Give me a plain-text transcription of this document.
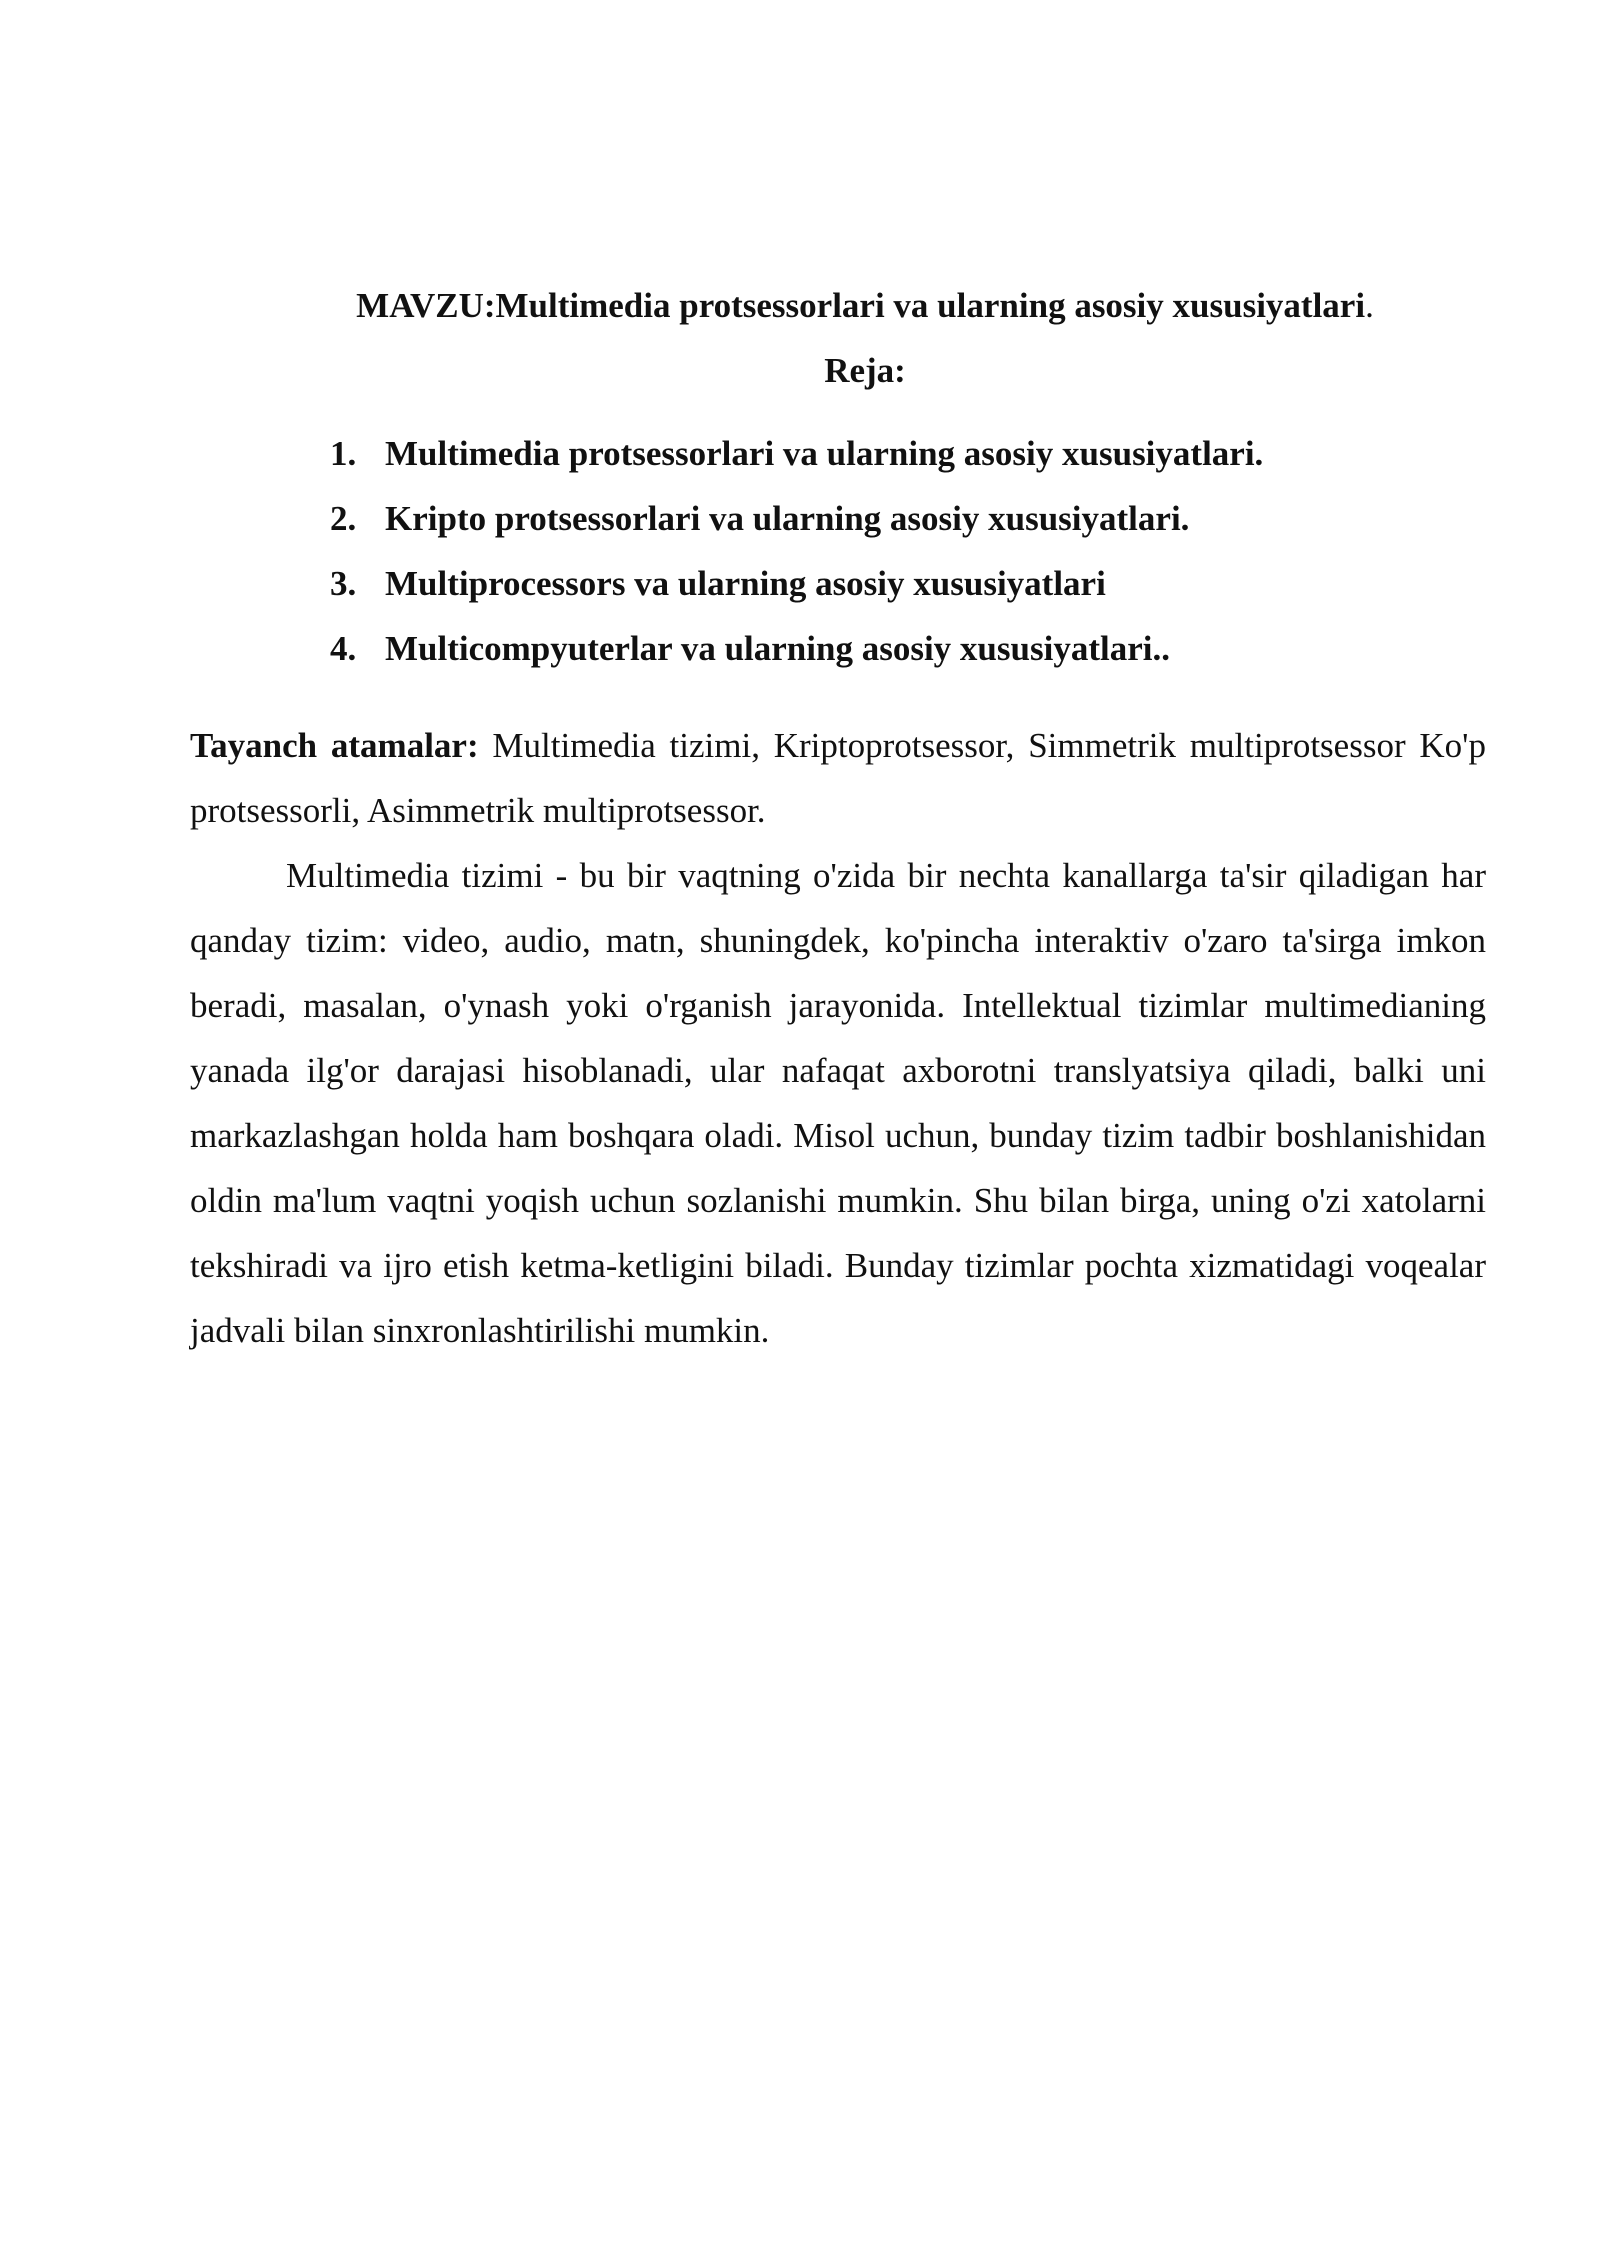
MAVZU:Multimedia protsessorlari va ularning asosiy xususiyatlari.
Reja:
1. Multimedia protsessorlari va ularning asosiy xususiyatlari.
2. Kripto protsessorlari va ularning asosiy xususiyatlari.
3. Multiprocessors va ularning asosiy xususiyatlari
4. Multicompyuterlar va ularning asosiy xususiyatlari..

Tayanch atamalar: Multimedia tizimi, Kriptoprotsessor, Simmetrik multiprotsessor Ko'p protsessorli, Asimmetrik multiprotsessor.

Multimedia tizimi - bu bir vaqtning o'zida bir nechta kanallarga ta'sir qiladigan har qanday tizim: video, audio, matn, shuningdek, ko'pincha interaktiv o'zaro ta'sirga imkon beradi, masalan, o'ynash yoki o'rganish jarayonida. Intellektual tizimlar multimedianing yanada ilg'or darajasi hisoblanadi, ular nafaqat axborotni translyatsiya qiladi, balki uni markazlashgan holda ham boshqara oladi. Misol uchun, bunday tizim tadbir boshlanishidan oldin ma'lum vaqtni yoqish uchun sozlanishi mumkin. Shu bilan birga, uning o'zi xatolarni tekshiradi va ijro etish ketma-ketligini biladi. Bunday tizimlar pochta xizmatidagi voqealar jadvali bilan sinxronlashtirilishi mumkin.
